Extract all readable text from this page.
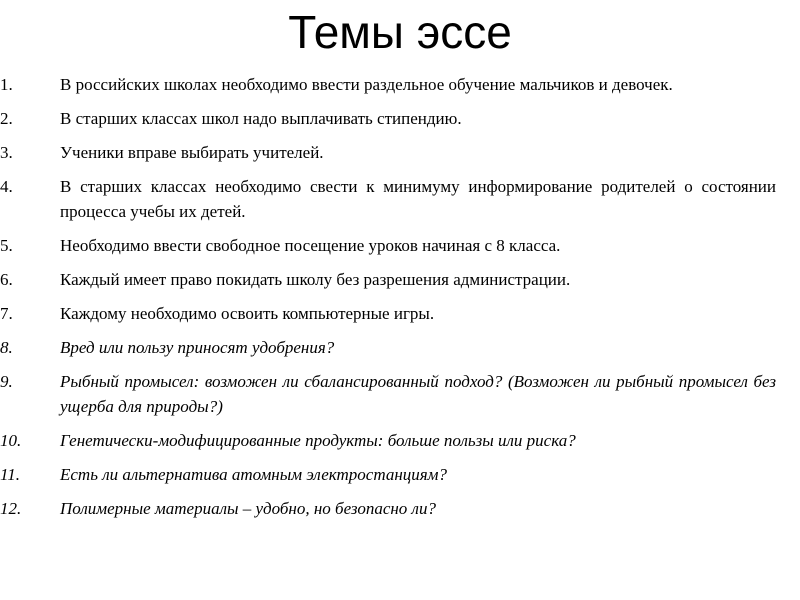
Темы эссе
1.	В российских школах необходимо ввести раздельное обучение мальчиков и девочек.
2.	В старших классах школ надо выплачивать стипендию.
3.	Ученики вправе выбирать учителей.
4.	В старших классах необходимо свести к минимуму информирование родителей о состоянии процесса учебы их детей.
5.	Необходимо ввести свободное посещение уроков начиная с 8 класса.
6.	Каждый имеет право покидать школу без разрешения администрации.
7.	Каждому необходимо освоить компьютерные игры.
8.	Вред или пользу приносят удобрения?
9.	Рыбный промысел: возможен ли сбалансированный подход? (Возможен ли рыбный промысел без ущерба для природы?)
10.	Генетически-модифицированные продукты: больше пользы или риска?
11.	Есть ли альтернатива атомным электростанциям?
12.	Полимерные материалы – удобно, но безопасно ли?
